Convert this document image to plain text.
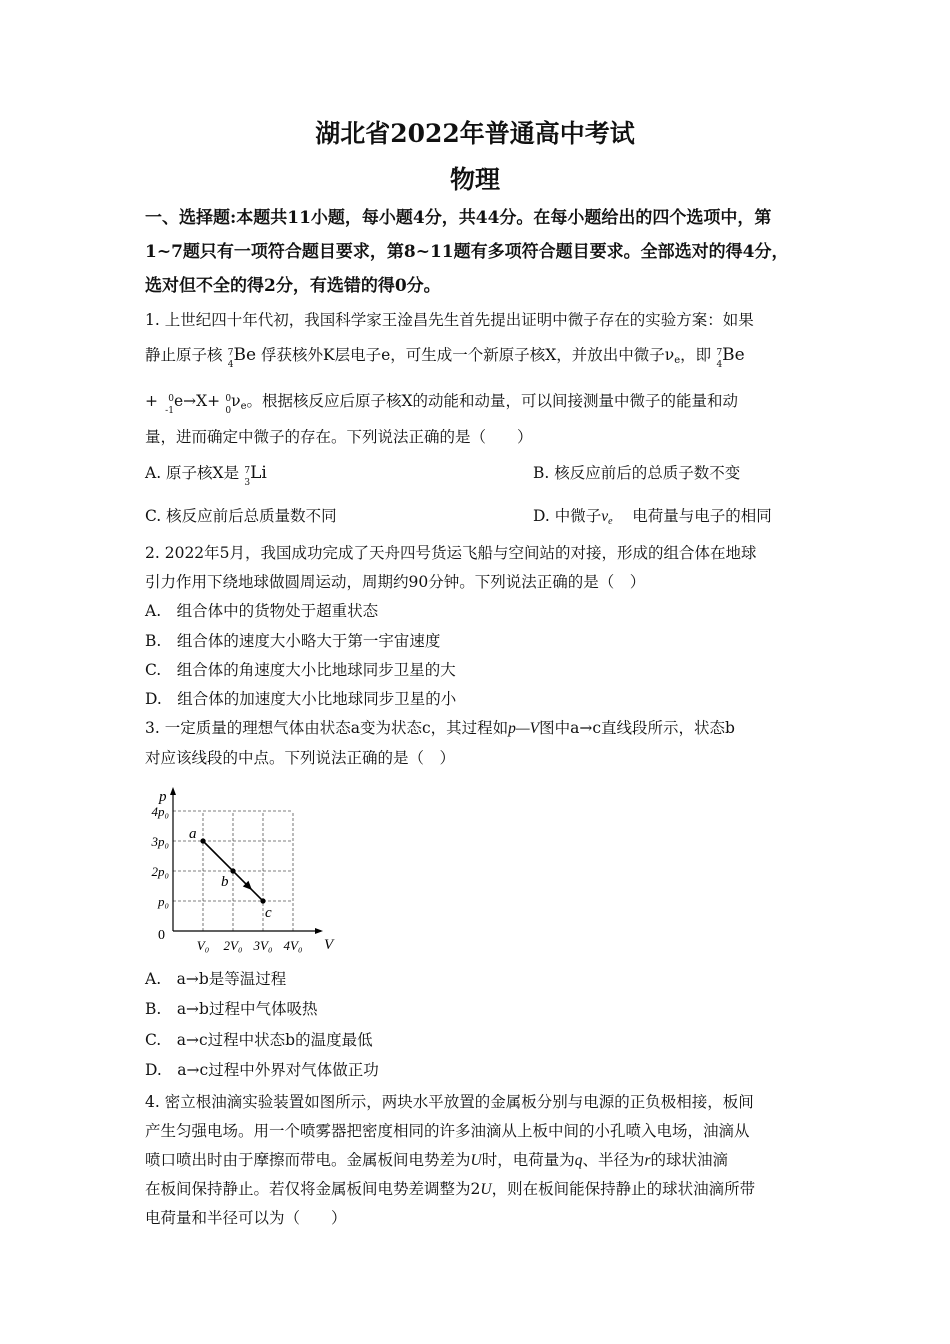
湖北省2022年普通高中考试
物理
一、选择题:本题共11小题，每小题4分，共44分。在每小题给出的四个选项中，第1~7题只有一项符合题目要求，第8~11题有多项符合题目要求。全部选对的得4分，选对但不全的得2分，有选错的得0分。
1. 上世纪四十年代初，我国科学家王淦昌先生首先提出证明中微子存在的实验方案：如果
静止原子核 7
4 Be 俘获核外K层电子e，可生成一个新原子核X，并放出中微子$\nu_e$，即 7
4 Be
+ 0
-1
e→X+ 0
0
$\nu_e$。根据核反应后原子核X的动能和动量，可以间接测量中微子的能量和动
量，进而确定中微子的存在。下列说法正确的是（　　）
A. 原子核X是 7
3 Li	B. 核反应前后的总质子数不变
C. 核反应前后总质量数不同	D. 中微子$v_e$ 电荷量与电子的相同
2. 2022年5月，我国成功完成了天舟四号货运飞船与空间站的对接，形成的组合体在地球
引力作用下绕地球做圆周运动，周期约90分钟。下列说法正确的是（　）
A.　组合体中的货物处于超重状态
B.　组合体的速度大小略大于第一宇宙速度
C.　组合体的角速度大小比地球同步卫星的大
D.　组合体的加速度大小比地球同步卫星的小
3. 一定质量的理想气体由状态a变为状态c，其过程如p—V图中a→c直线段所示，状态b
对应该线段的中点。下列说法正确的是（　）
p
V
0
V₀ 2V₀ 3V₀ 4V₀
p₀
2p₀
3p₀
4p₀
a
b
c
A.　a→b是等温过程
B.　a→b过程中气体吸热
C.　a→c过程中状态b的温度最低
D.　a→c过程中外界对气体做正功
4. 密立根油滴实验装置如图所示，两块水平放置的金属板分别与电源的正负极相接，板间
产生匀强电场。用一个喷雾器把密度相同的许多油滴从上板中间的小孔喷入电场，油滴从
喷口喷出时由于摩擦而带电。金属板间电势差为U时，电荷量为q、半径为r的球状油滴
在板间保持静止。若仅将金属板间电势差调整为2U，则在板间能保持静止的球状油滴所带
电荷量和半径可以为（　　）
